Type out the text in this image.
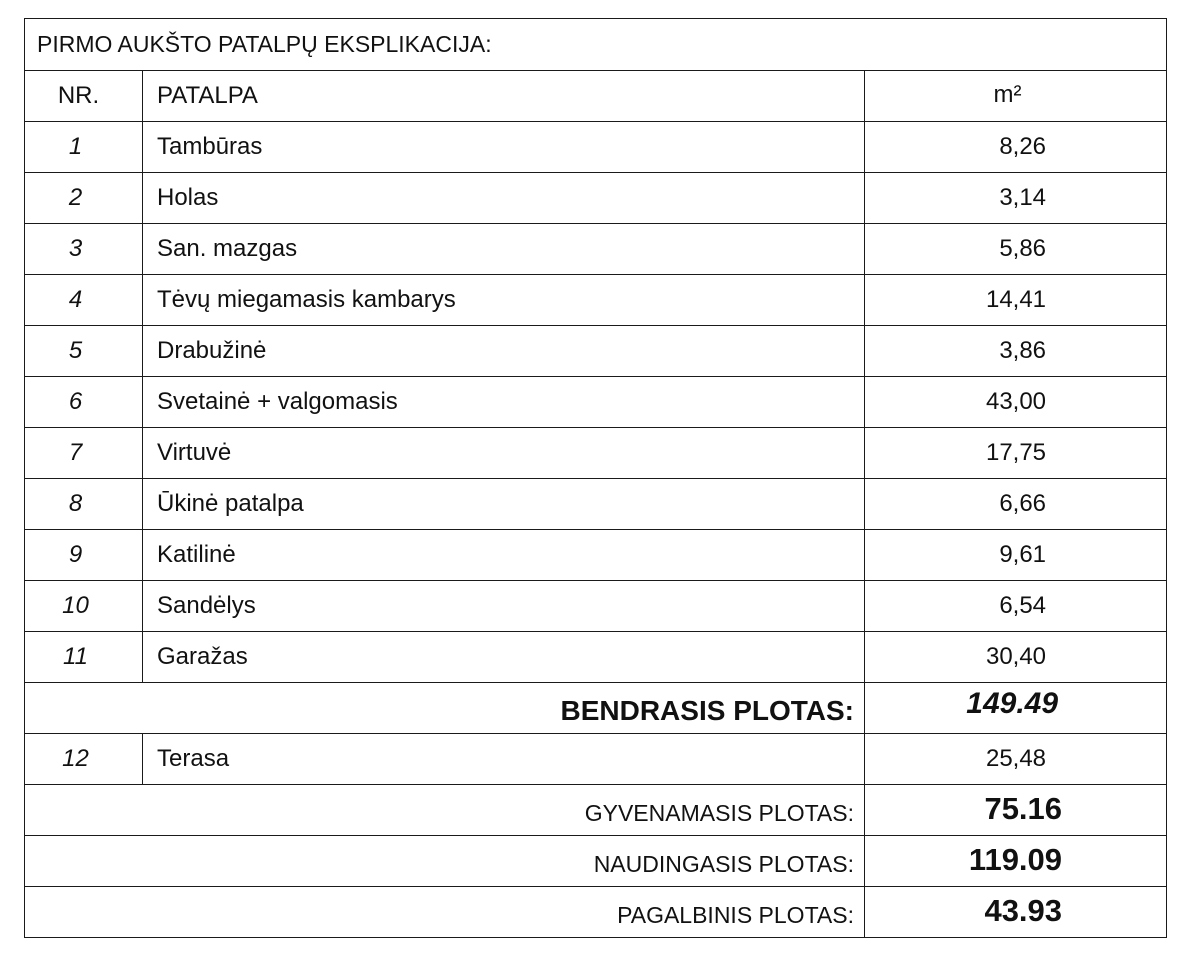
PIRMO AUKŠTO PATALPŲ EKSPLIKACIJA:		
NR.	PATALPA	m²
1	Tambūras	8,26
2	Holas	3,14
3	San. mazgas	5,86
4	Tėvų miegamasis kambarys	14,41
5	Drabužinė	3,86
6	Svetainė + valgomasis	43,00
7	Virtuvė	17,75
8	Ūkinė patalpa	6,66
9	Katilinė	9,61
10	Sandėlys	6,54
11	Garažas	30,40
BENDRASIS PLOTAS:		149.49
12	Terasa	25,48
GYVENAMASIS PLOTAS:		75.16
NAUDINGASIS PLOTAS:		119.09
PAGALBINIS PLOTAS:		43.93
